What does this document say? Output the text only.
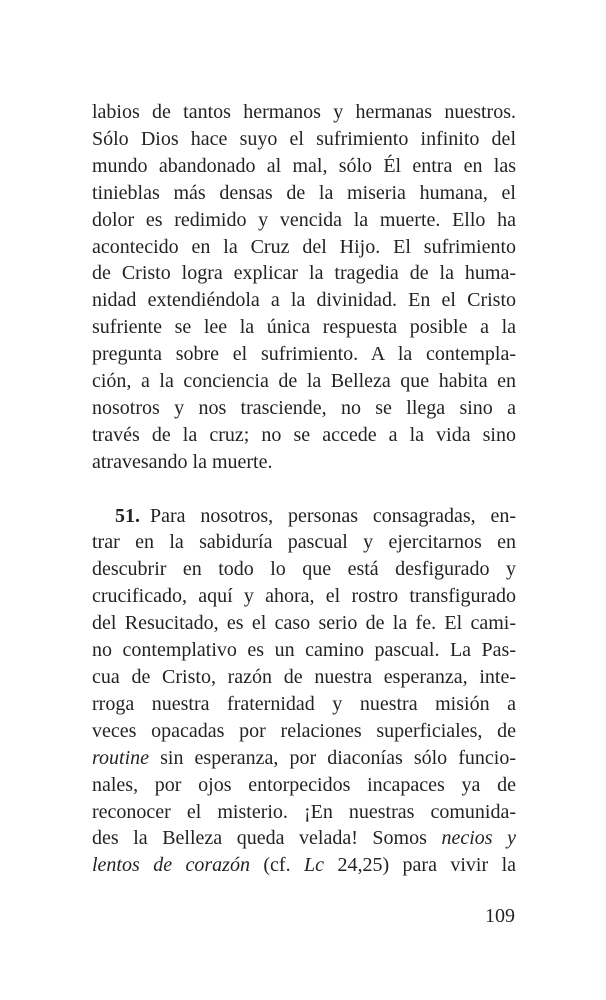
labios de tantos hermanos y hermanas nuestros.
Sólo Dios hace suyo el sufrimiento infinito del
mundo abandonado al mal, sólo Él entra en las
tinieblas más densas de la miseria humana, el
dolor es redimido y vencida la muerte. Ello ha
acontecido en la Cruz del Hijo. El sufrimiento
de Cristo logra explicar la tragedia de la huma-
nidad extendiéndola a la divinidad. En el Cristo
sufriente se lee la única respuesta posible a la
pregunta sobre el sufrimiento. A la contempla-
ción, a la conciencia de la Belleza que habita en
nosotros y nos trasciende, no se llega sino a
través de la cruz; no se accede a la vida sino
atravesando la muerte.
51. Para nosotros, personas consagradas, en-
trar en la sabiduría pascual y ejercitarnos en
descubrir en todo lo que está desfigurado y
crucificado, aquí y ahora, el rostro transfigurado
del Resucitado, es el caso serio de la fe. El cami-
no contemplativo es un camino pascual. La Pas-
cua de Cristo, razón de nuestra esperanza, inte-
rroga nuestra fraternidad y nuestra misión a
veces opacadas por relaciones superficiales, de
routine sin esperanza, por diaconías sólo funcio-
nales, por ojos entorpecidos incapaces ya de
reconocer el misterio. ¡En nuestras comunida-
des la Belleza queda velada! Somos necios y
lentos de corazón (cf. Lc 24,25) para vivir la
109
